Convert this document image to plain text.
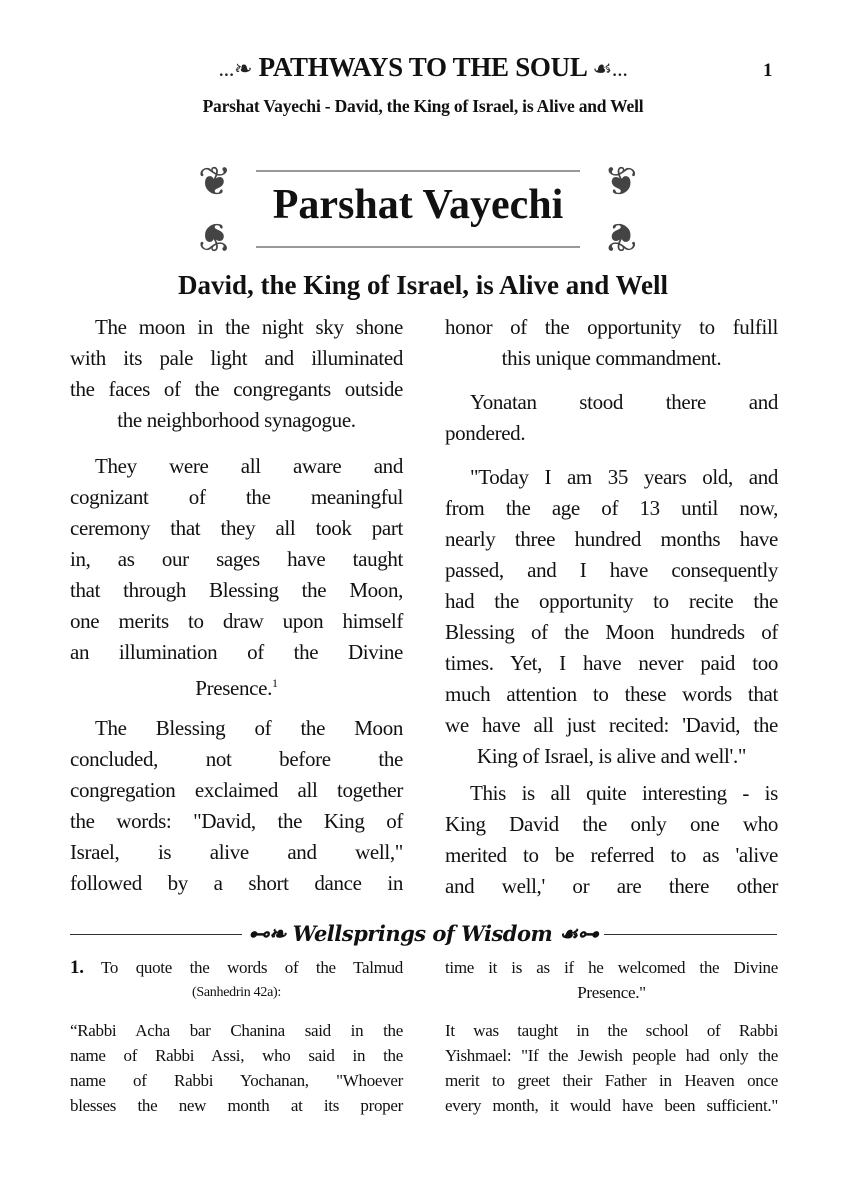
...❧ PATHWAYS TO THE SOUL ☙...	1
Parshat Vayechi - David, the King of Israel, is Alive and Well
❦	❦
❦	❦
Parshat Vayechi
David, the King of Israel, is Alive and Well
The moon in the night sky shone
with its pale light and illuminated
the faces of the congregants outside
the neighborhood synagogue.
They were all aware and
cognizant of the meaningful
ceremony that they all took part
in, as our sages have taught
that through Blessing the Moon,
one merits to draw upon himself
an illumination of the Divine
Presence.$^1$
The Blessing of the Moon
concluded, not before the
congregation exclaimed all together
the words: "David, the King of
Israel, is alive and well,"
followed by a short dance in
honor of the opportunity to fulfill
this unique commandment.
Yonatan stood there and
pondered.
"Today I am 35 years old, and
from the age of 13 until now,
nearly three hundred months have
passed, and I have consequently
had the opportunity to recite the
Blessing of the Moon hundreds of
times. Yet, I have never paid too
much attention to these words that
we have all just recited: 'David, the
King of Israel, is alive and well'."
This is all quite interesting - is
King David the only one who
merited to be referred to as 'alive
and well,' or are there other
⊷❧ Wellsprings of Wisdom ☙⊶
1. To quote the words of the Talmud
(Sanhedrin 42a):
“Rabbi Acha bar Chanina said in the
name of Rabbi Assi, who said in the
name of Rabbi Yochanan, "Whoever
blesses the new month at its proper
time it is as if he welcomed the Divine
Presence."
It was taught in the school of Rabbi
Yishmael: "If the Jewish people had only the
merit to greet their Father in Heaven once
every month, it would have been sufficient."
